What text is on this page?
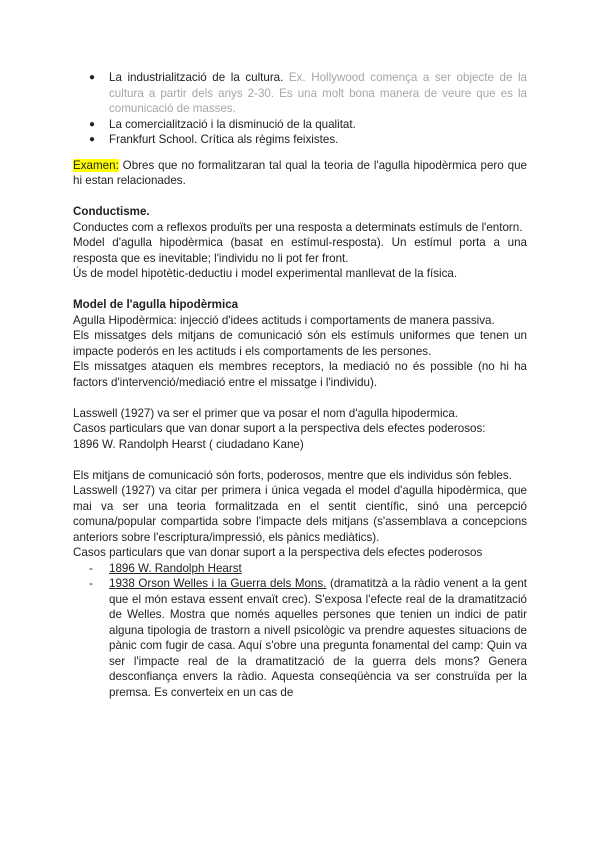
● La industrialització de la cultura. Ex. Hollywood comença a ser objecte de la cultura a partir dels anys 2-30. Es una molt bona manera de veure que es la comunicació de masses.
● La comercialització i la disminució de la qualitat.
● Frankfurt School. Crítica als règims feixistes.

Examen: Obres que no formalitzaran tal qual la teoria de l'agulla hipodèrmica pero que hi estan relacionades.

Conductisme.

Conductes com a reflexos produïts per una resposta a determinats estímuls de l'entorn.

Model d'agulla hipodèrmica (basat en estímul-resposta). Un estímul porta a una resposta que es inevitable; l'individu no li pot fer front.

Ús de model hipotètic-deductiu i model experimental manllevat de la física.

Model de l'agulla hipodèrmica

Agulla Hipodèrmica: injecció d'idees actituds i comportaments de manera passiva.

Els missatges dels mitjans de comunicació són els estímuls uniformes que tenen un impacte poderós en les actituds i els comportaments de les persones.

Els missatges ataquen els membres receptors, la mediació no és possible (no hi ha factors d'intervenció/mediació entre el missatge i l'individu).

Lasswell (1927) va ser el primer que va posar el nom d'agulla hipodermica.

Casos particulars que van donar suport a la perspectiva dels efectes poderosos:

1896 W. Randolph Hearst ( ciudadano Kane)

Els mitjans de comunicació són forts, poderosos, mentre que els individus són febles.

Lasswell (1927) va citar per primera i única vegada el model d'agulla hipodèrmica, que mai va ser una teoria formalitzada en el sentit científic, sinó una percepció comuna/popular compartida sobre l'impacte dels mitjans (s'assemblava a concepcions anteriors sobre l'escriptura/impressió, els pànics mediàtics).

Casos particulars que van donar suport a la perspectiva dels efectes poderosos

- 1896 W. Randolph Hearst
- 1938 Orson Welles i la Guerra dels Mons. (dramatitzà a la ràdio venent a la gent que el món estava essent envaït crec). S'exposa l'efecte real de la dramatització de Welles. Mostra que només aquelles persones que tenien un indici de patir alguna tipologia de trastorn a nivell psicològic va prendre aquestes situacions de pànic com fugir de casa. Aquí s'obre una pregunta fonamental del camp: Quin va ser l'impacte real de la dramatització de la guerra dels mons? Genera desconfiança envers la ràdio. Aquesta conseqüència va ser construïda per la premsa. Es converteix en un cas de
